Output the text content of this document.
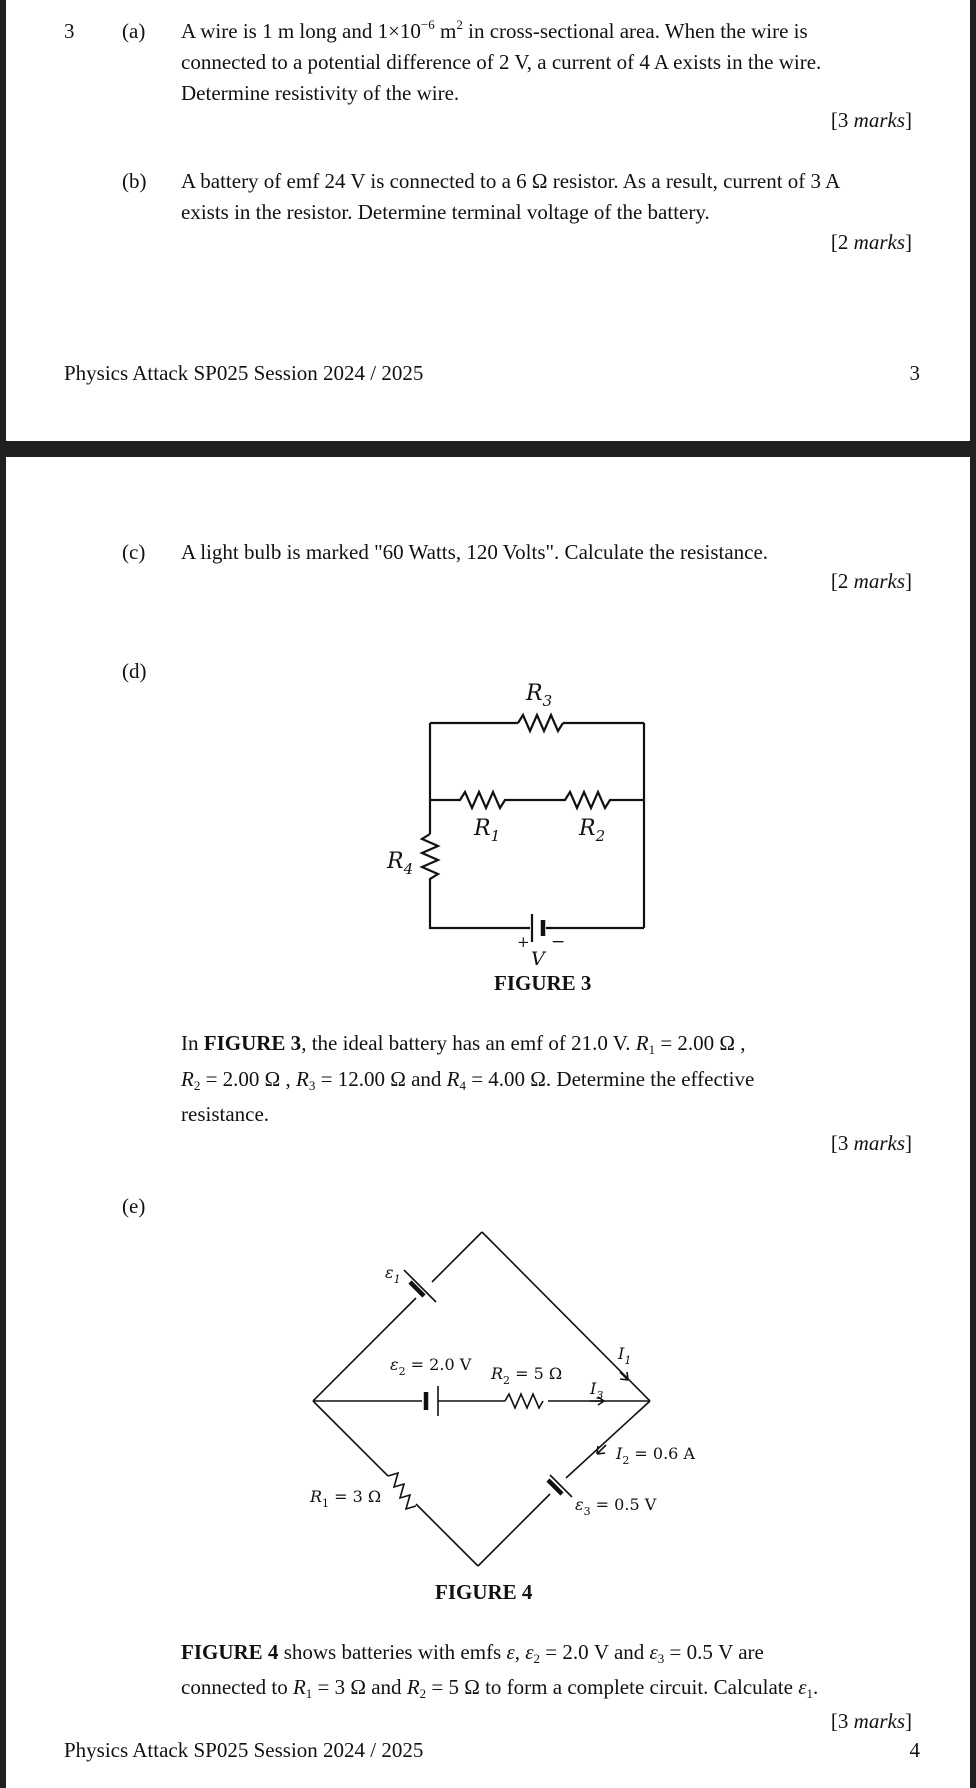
3 (a) A wire is 1 m long and $1\times 10^{-6}$ $m^2$ in cross-sectional area. When the wire is
connected to a potential difference of 2 V, a current of 4 A exists in the wire.
Determine resistivity of the wire.
[3 marks]
(b) A battery of emf 24 V is connected to a 6 Ω resistor. As a result, current of 3 A
exists in the resistor. Determine terminal voltage of the battery.
[2 marks]
Physics Attack SP025 Session 2024 / 2025	3
(c) A light bulb is marked "60 Watts, 120 Volts". Calculate the resistance.
[2 marks]
(d)
$R_3$
$R_1$	$R_2$
$R_4$
+ −
V
FIGURE 3
In FIGURE 3, the ideal battery has an emf of 21.0 V. $R_1 = 2.00$ Ω ,
$R_2 = 2.00$ Ω , $R_3 = 12.00$ Ω and $R_4 = 4.00$ Ω. Determine the effective
resistance.
[3 marks]
(e)
$\varepsilon_1$
$\varepsilon_2 = 2.0$ V $R_2 = 5$ Ω
$I_1$
$I_3$
$I_2 = 0.6$ A
$R_1 = 3$ Ω	$\varepsilon_3 = 0.5$ V
FIGURE 4
FIGURE 4 shows batteries with emfs ε, $\varepsilon_2 = 2.0$ V and $\varepsilon_3 = 0.5$ V are
connected to $R_1 = 3$ Ω and $R_2 = 5$ Ω to form a complete circuit. Calculate $\varepsilon_1$.
[3 marks]
Physics Attack SP025 Session 2024 / 2025	4
